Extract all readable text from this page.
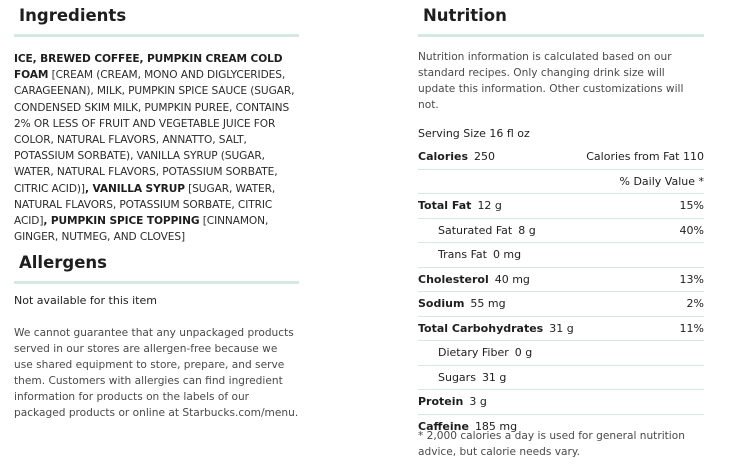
Ingredients
ICE, BREWED COFFEE, PUMPKIN CREAM COLD FOAM [CREAM (CREAM, MONO AND DIGLYCERIDES, CARAGEENAN), MILK, PUMPKIN SPICE SAUCE (SUGAR, CONDENSED SKIM MILK, PUMPKIN PUREE, CONTAINS 2% OR LESS OF FRUIT AND VEGETABLE JUICE FOR COLOR, NATURAL FLAVORS, ANNATTO, SALT, POTASSIUM SORBATE), VANILLA SYRUP (SUGAR, WATER, NATURAL FLAVORS, POTASSIUM SORBATE, CITRIC ACID)], VANILLA SYRUP [SUGAR, WATER, NATURAL FLAVORS, POTASSIUM SORBATE, CITRIC ACID], PUMPKIN SPICE TOPPING [CINNAMON, GINGER, NUTMEG, AND CLOVES]
Allergens
Not available for this item
We cannot guarantee that any unpackaged products served in our stores are allergen-free because we use shared equipment to store, prepare, and serve them. Customers with allergies can find ingredient information for products on the labels of our packaged products or online at Starbucks.com/menu.
Nutrition
Nutrition information is calculated based on our standard recipes. Only changing drink size will update this information. Other customizations will not.
Serving Size 16 fl oz
Calories 250	Calories from Fat 110
% Daily Value *
Total Fat 12 g	15%
Saturated Fat 8 g	40%
Trans Fat 0 mg
Cholesterol 40 mg	13%
Sodium 55 mg	2%
Total Carbohydrates 31 g	11%
Dietary Fiber 0 g
Sugars 31 g
Protein 3 g
Caffeine 185 mg
* 2,000 calories a day is used for general nutrition advice, but calorie needs vary.
